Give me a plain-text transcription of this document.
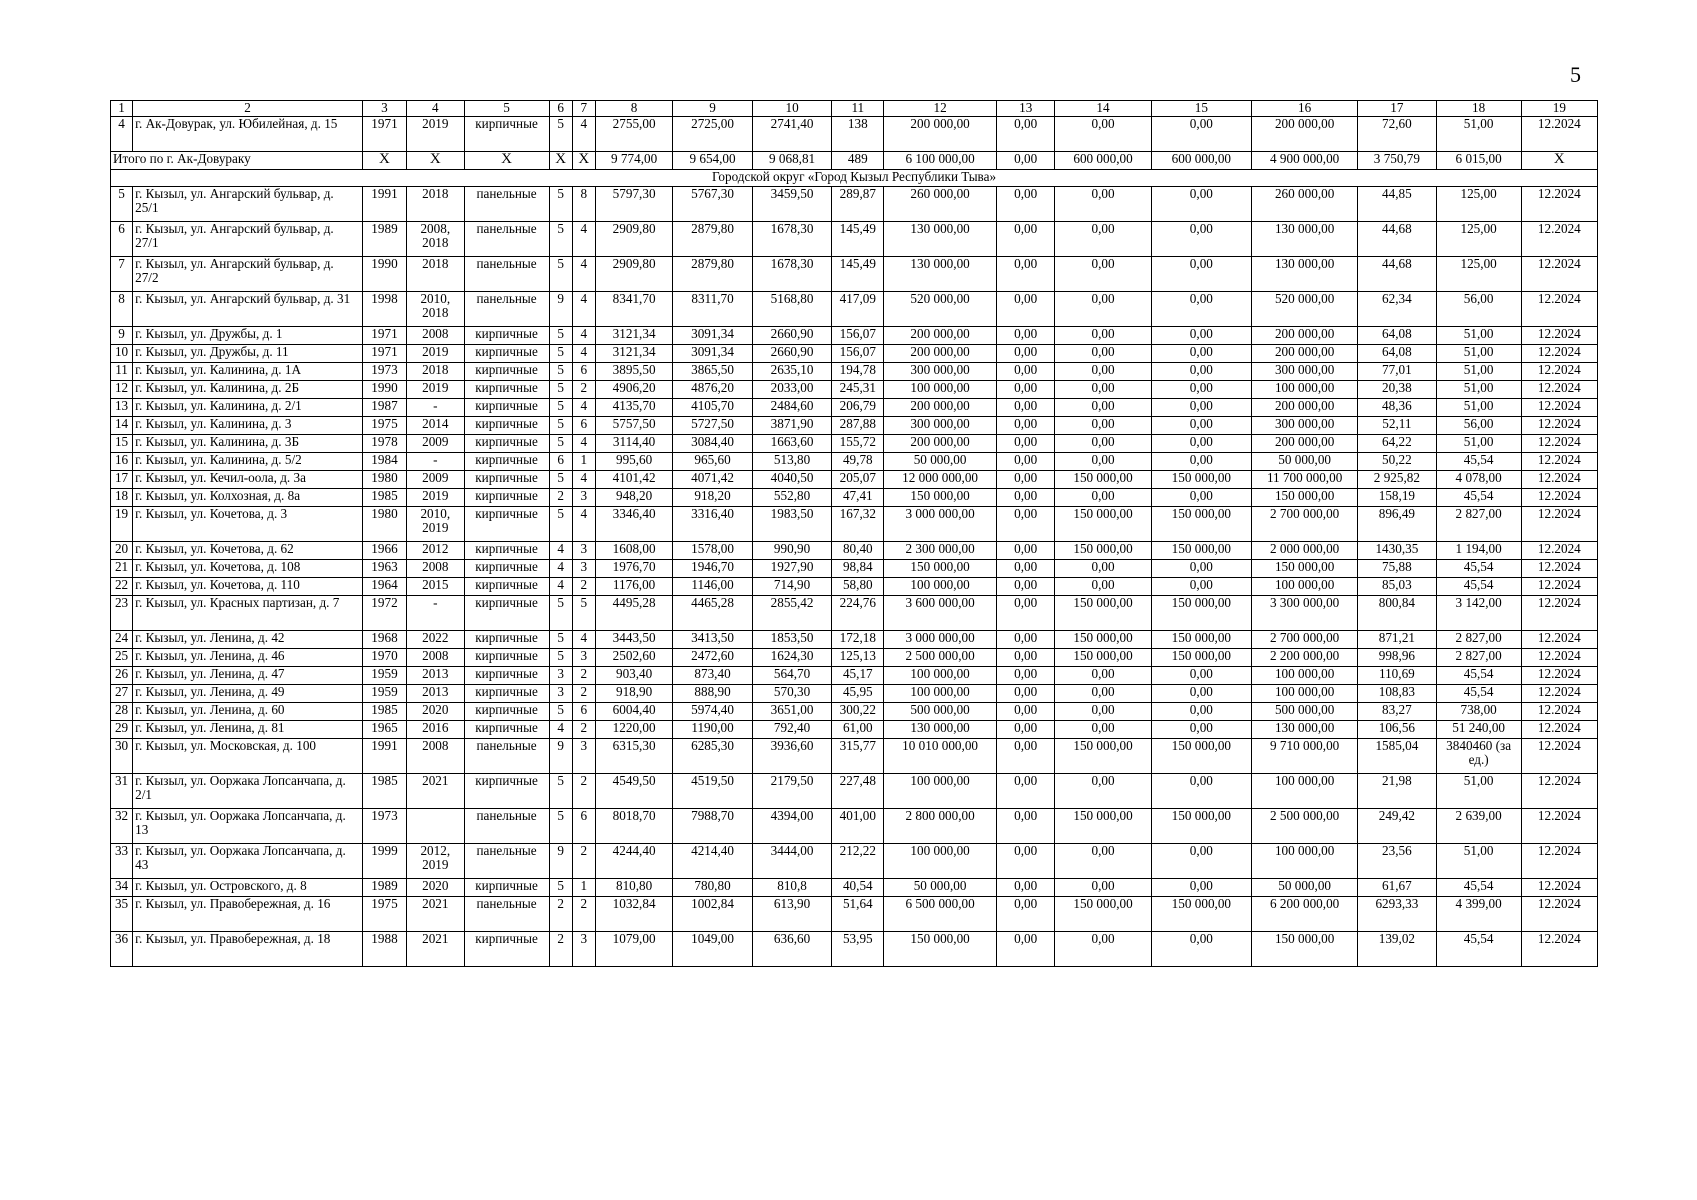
5
1	2	3	4	5	6	7	8	9	10	11	12	13	14	15	16	17	18	19
4	г. Ак-Довурак, ул. Юбилейная, д. 15	1971	2019	кирпичные	5	4	2755,00	2725,00	2741,40	138	200 000,00	0,00	0,00	0,00	200 000,00	72,60	51,00	12.2024
Итого по г. Ак-Довураку		X	X	X	X	X	9 774,00	9 654,00	9 068,81	489	6 100 000,00	0,00	600 000,00	600 000,00	4 900 000,00	3 750,79	6 015,00	X
Городской округ «Город Кызыл Республики Тыва»																		
5	г. Кызыл, ул. Ангарский бульвар, д. 25/1	1991	2018	панельные	5	8	5797,30	5767,30	3459,50	289,87	260 000,00	0,00	0,00	0,00	260 000,00	44,85	125,00	12.2024
6	г. Кызыл, ул. Ангарский бульвар, д. 27/1	1989	2008, 2018	панельные	5	4	2909,80	2879,80	1678,30	145,49	130 000,00	0,00	0,00	0,00	130 000,00	44,68	125,00	12.2024
7	г. Кызыл, ул. Ангарский бульвар, д. 27/2	1990	2018	панельные	5	4	2909,80	2879,80	1678,30	145,49	130 000,00	0,00	0,00	0,00	130 000,00	44,68	125,00	12.2024
8	г. Кызыл, ул. Ангарский бульвар, д. 31	1998	2010, 2018	панельные	9	4	8341,70	8311,70	5168,80	417,09	520 000,00	0,00	0,00	0,00	520 000,00	62,34	56,00	12.2024
9	г. Кызыл, ул. Дружбы, д. 1	1971	2008	кирпичные	5	4	3121,34	3091,34	2660,90	156,07	200 000,00	0,00	0,00	0,00	200 000,00	64,08	51,00	12.2024
10	г. Кызыл, ул. Дружбы, д. 11	1971	2019	кирпичные	5	4	3121,34	3091,34	2660,90	156,07	200 000,00	0,00	0,00	0,00	200 000,00	64,08	51,00	12.2024
11	г. Кызыл, ул. Калинина, д. 1А	1973	2018	кирпичные	5	6	3895,50	3865,50	2635,10	194,78	300 000,00	0,00	0,00	0,00	300 000,00	77,01	51,00	12.2024
12	г. Кызыл, ул. Калинина, д. 2Б	1990	2019	кирпичные	5	2	4906,20	4876,20	2033,00	245,31	100 000,00	0,00	0,00	0,00	100 000,00	20,38	51,00	12.2024
13	г. Кызыл, ул. Калинина, д. 2/1	1987	-	кирпичные	5	4	4135,70	4105,70	2484,60	206,79	200 000,00	0,00	0,00	0,00	200 000,00	48,36	51,00	12.2024
14	г. Кызыл, ул. Калинина, д. 3	1975	2014	кирпичные	5	6	5757,50	5727,50	3871,90	287,88	300 000,00	0,00	0,00	0,00	300 000,00	52,11	56,00	12.2024
15	г. Кызыл, ул. Калинина, д. 3Б	1978	2009	кирпичные	5	4	3114,40	3084,40	1663,60	155,72	200 000,00	0,00	0,00	0,00	200 000,00	64,22	51,00	12.2024
16	г. Кызыл, ул. Калинина, д. 5/2	1984	-	кирпичные	6	1	995,60	965,60	513,80	49,78	50 000,00	0,00	0,00	0,00	50 000,00	50,22	45,54	12.2024
17	г. Кызыл, ул. Кечил-оола, д. 3а	1980	2009	кирпичные	5	4	4101,42	4071,42	4040,50	205,07	12 000 000,00	0,00	150 000,00	150 000,00	11 700 000,00	2 925,82	4 078,00	12.2024
18	г. Кызыл, ул. Колхозная, д. 8а	1985	2019	кирпичные	2	3	948,20	918,20	552,80	47,41	150 000,00	0,00	0,00	0,00	150 000,00	158,19	45,54	12.2024
19	г. Кызыл, ул. Кочетова, д. 3	1980	2010, 2019	кирпичные	5	4	3346,40	3316,40	1983,50	167,32	3 000 000,00	0,00	150 000,00	150 000,00	2 700 000,00	896,49	2 827,00	12.2024
20	г. Кызыл, ул. Кочетова, д. 62	1966	2012	кирпичные	4	3	1608,00	1578,00	990,90	80,40	2 300 000,00	0,00	150 000,00	150 000,00	2 000 000,00	1430,35	1 194,00	12.2024
21	г. Кызыл, ул. Кочетова, д. 108	1963	2008	кирпичные	4	3	1976,70	1946,70	1927,90	98,84	150 000,00	0,00	0,00	0,00	150 000,00	75,88	45,54	12.2024
22	г. Кызыл, ул. Кочетова, д. 110	1964	2015	кирпичные	4	2	1176,00	1146,00	714,90	58,80	100 000,00	0,00	0,00	0,00	100 000,00	85,03	45,54	12.2024
23	г. Кызыл, ул. Красных партизан, д. 7	1972	-	кирпичные	5	5	4495,28	4465,28	2855,42	224,76	3 600 000,00	0,00	150 000,00	150 000,00	3 300 000,00	800,84	3 142,00	12.2024
24	г. Кызыл, ул. Ленина, д. 42	1968	2022	кирпичные	5	4	3443,50	3413,50	1853,50	172,18	3 000 000,00	0,00	150 000,00	150 000,00	2 700 000,00	871,21	2 827,00	12.2024
25	г. Кызыл, ул. Ленина, д. 46	1970	2008	кирпичные	5	3	2502,60	2472,60	1624,30	125,13	2 500 000,00	0,00	150 000,00	150 000,00	2 200 000,00	998,96	2 827,00	12.2024
26	г. Кызыл, ул. Ленина, д. 47	1959	2013	кирпичные	3	2	903,40	873,40	564,70	45,17	100 000,00	0,00	0,00	0,00	100 000,00	110,69	45,54	12.2024
27	г. Кызыл, ул. Ленина, д. 49	1959	2013	кирпичные	3	2	918,90	888,90	570,30	45,95	100 000,00	0,00	0,00	0,00	100 000,00	108,83	45,54	12.2024
28	г. Кызыл, ул. Ленина, д. 60	1985	2020	кирпичные	5	6	6004,40	5974,40	3651,00	300,22	500 000,00	0,00	0,00	0,00	500 000,00	83,27	738,00	12.2024
29	г. Кызыл, ул. Ленина, д. 81	1965	2016	кирпичные	4	2	1220,00	1190,00	792,40	61,00	130 000,00	0,00	0,00	0,00	130 000,00	106,56	51 240,00	12.2024
30	г. Кызыл, ул. Московская, д. 100	1991	2008	панельные	9	3	6315,30	6285,30	3936,60	315,77	10 010 000,00	0,00	150 000,00	150 000,00	9 710 000,00	1585,04	3840460 (за ед.)	12.2024
31	г. Кызыл, ул. Ооржака Лопсанчапа, д. 2/1	1985	2021	кирпичные	5	2	4549,50	4519,50	2179,50	227,48	100 000,00	0,00	0,00	0,00	100 000,00	21,98	51,00	12.2024
32	г. Кызыл, ул. Ооржака Лопсанчапа, д. 13	1973		панельные	5	6	8018,70	7988,70	4394,00	401,00	2 800 000,00	0,00	150 000,00	150 000,00	2 500 000,00	249,42	2 639,00	12.2024
33	г. Кызыл, ул. Ооржака Лопсанчапа, д. 43	1999	2012, 2019	панельные	9	2	4244,40	4214,40	3444,00	212,22	100 000,00	0,00	0,00	0,00	100 000,00	23,56	51,00	12.2024
34	г. Кызыл, ул. Островского, д. 8	1989	2020	кирпичные	5	1	810,80	780,80	810,8	40,54	50 000,00	0,00	0,00	0,00	50 000,00	61,67	45,54	12.2024
35	г. Кызыл, ул. Правобережная, д. 16	1975	2021	панельные	2	2	1032,84	1002,84	613,90	51,64	6 500 000,00	0,00	150 000,00	150 000,00	6 200 000,00	6293,33	4 399,00	12.2024
36	г. Кызыл, ул. Правобережная, д. 18	1988	2021	кирпичные	2	3	1079,00	1049,00	636,60	53,95	150 000,00	0,00	0,00	0,00	150 000,00	139,02	45,54	12.2024
